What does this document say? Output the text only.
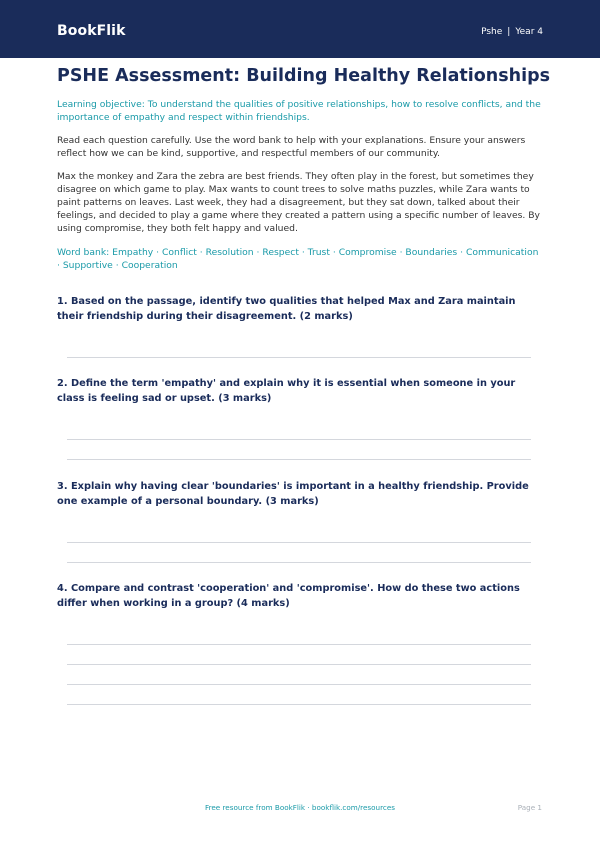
BookFlik	Pshe | Year 4
PSHE Assessment: Building Healthy Relationships

Learning objective: To understand the qualities of positive relationships, how to resolve conflicts, and the importance of empathy and respect within friendships.

Read each question carefully. Use the word bank to help with your explanations. Ensure your answers reflect how we can be kind, supportive, and respectful members of our community.

Max the monkey and Zara the zebra are best friends. They often play in the forest, but sometimes they disagree on which game to play. Max wants to count trees to solve maths puzzles, while Zara wants to paint patterns on leaves. Last week, they had a disagreement, but they sat down, talked about their feelings, and decided to play a game where they created a pattern using a specific number of leaves. By using compromise, they both felt happy and valued.

Word bank: Empathy · Conflict · Resolution · Respect · Trust · Compromise · Boundaries · Communication · Supportive · Cooperation

1. Based on the passage, identify two qualities that helped Max and Zara maintain their friendship during their disagreement. (2 marks)

2. Define the term 'empathy' and explain why it is essential when someone in your class is feeling sad or upset. (3 marks)

3. Explain why having clear 'boundaries' is important in a healthy friendship. Provide one example of a personal boundary. (3 marks)

4. Compare and contrast 'cooperation' and 'compromise'. How do these two actions differ when working in a group? (4 marks)

Free resource from BookFlik · bookflik.com/resources	Page 1
